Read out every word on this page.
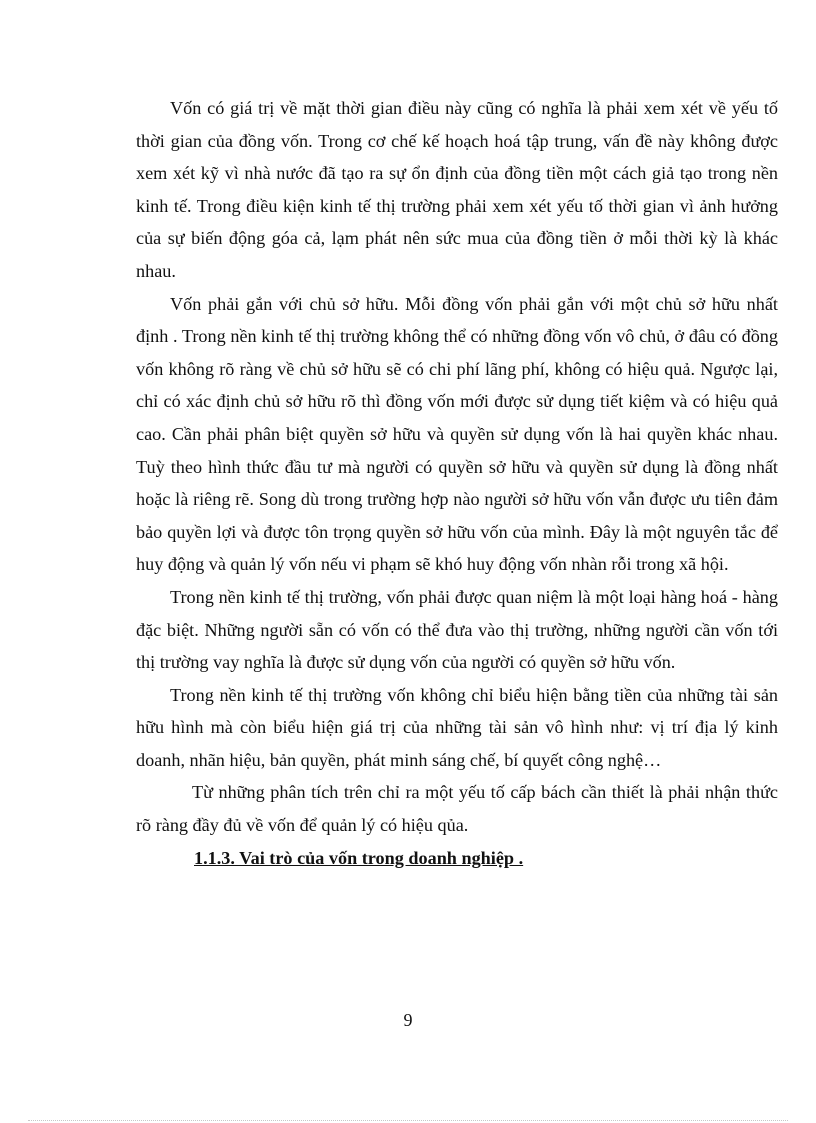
Vốn có giá trị về mặt thời gian điều này cũng có nghĩa là phải xem xét về yếu tố thời gian của đồng vốn. Trong cơ chế kế hoạch hoá tập trung, vấn đề này không được xem xét kỹ vì nhà nước đã tạo ra sự ổn định của đồng tiền một cách giả tạo trong nền kinh tế. Trong điều kiện kinh tế thị trường phải xem xét yếu tố thời gian vì ảnh hưởng của sự biến động góa cả, lạm phát nên sức mua của đồng tiền ở mỗi thời kỳ là khác nhau.

Vốn phải gắn với chủ sở hữu. Mỗi đồng vốn phải gắn với một chủ sở hữu nhất định . Trong nền kinh tế thị trường không thể có những đồng vốn vô chủ, ở đâu có đồng vốn không rõ ràng về chủ sở hữu sẽ có chi phí lãng phí, không có hiệu quả. Ngược lại, chỉ có xác định chủ sở hữu rõ thì đồng vốn mới được sử dụng tiết kiệm và có hiệu quả cao. Cần phải phân biệt quyền sở hữu và quyền sử dụng vốn là hai quyền khác nhau. Tuỳ theo hình thức đầu tư mà người có quyền sở hữu và quyền sử dụng là đồng nhất hoặc là riêng rẽ. Song dù trong trường hợp nào người sở hữu vốn vẫn được ưu tiên đảm bảo quyền lợi và được tôn trọng quyền sở hữu vốn của mình. Đây là một nguyên tắc để huy động và quản lý vốn nếu vi phạm sẽ khó huy động vốn nhàn rỗi trong xã hội.

Trong nền kinh tế thị trường, vốn phải được quan niệm là một loại hàng hoá - hàng đặc biệt. Những người sẵn có vốn có thể đưa vào thị trường, những người cần vốn tới thị trường vay nghĩa là được sử dụng vốn của người có quyền sở hữu vốn.

Trong nền kinh tế thị trường vốn không chỉ biểu hiện bằng tiền của những tài sản hữu hình mà còn biểu hiện giá trị của những tài sản vô hình như: vị trí địa lý kinh doanh, nhãn hiệu, bản quyền, phát minh sáng chế, bí quyết công nghệ…

Từ những phân tích trên chỉ ra một yếu tố cấp bách cần thiết là phải nhận thức rõ ràng đầy đủ về vốn để quản lý có hiệu qủa.

1.1.3. Vai trò của vốn trong doanh nghiệp .

9
